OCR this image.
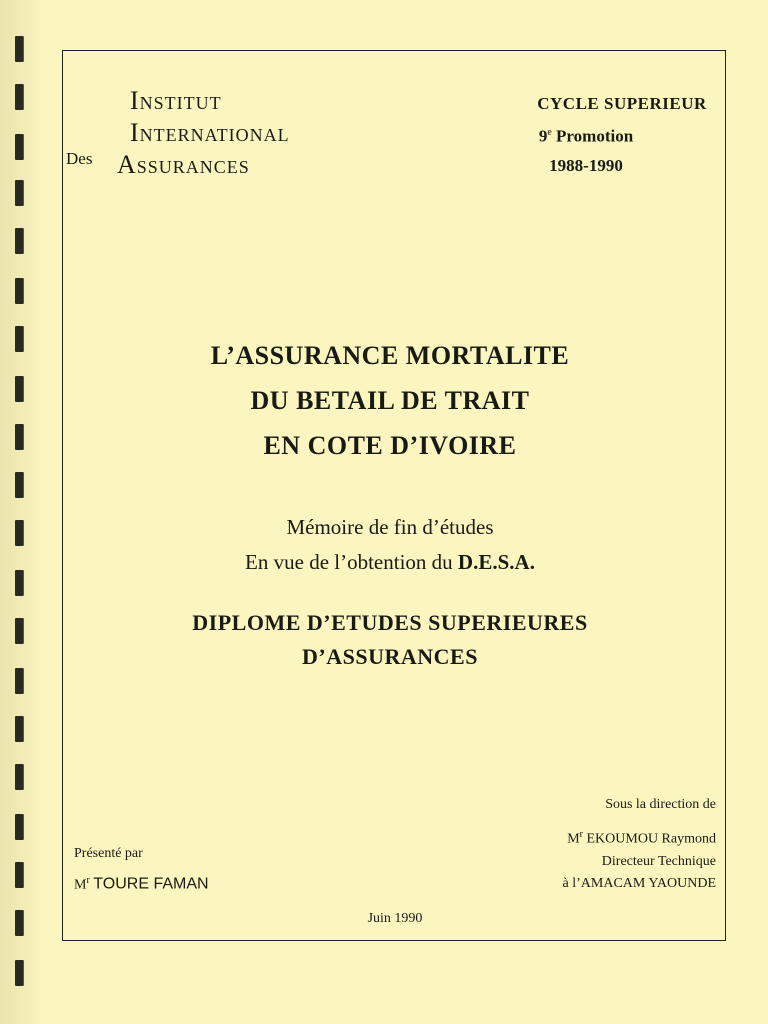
INSTITUT
INTERNATIONAL
ASSURANCES
Des
CYCLE SUPERIEUR
9e Promotion
1988-1990
L’ASSURANCE MORTALITE
DU BETAIL DE TRAIT
EN COTE D’IVOIRE
Mémoire de fin d’études
En vue de l’obtention du D.E.S.A.
DIPLOME D’ETUDES SUPERIEURES
D’ASSURANCES
Présenté par
$M^r$ TOURE FAMAN
Sous la direction de
$M^r$ EKOUMOU Raymond
Directeur Technique
à l’AMACAM YAOUNDE
Juin 1990
